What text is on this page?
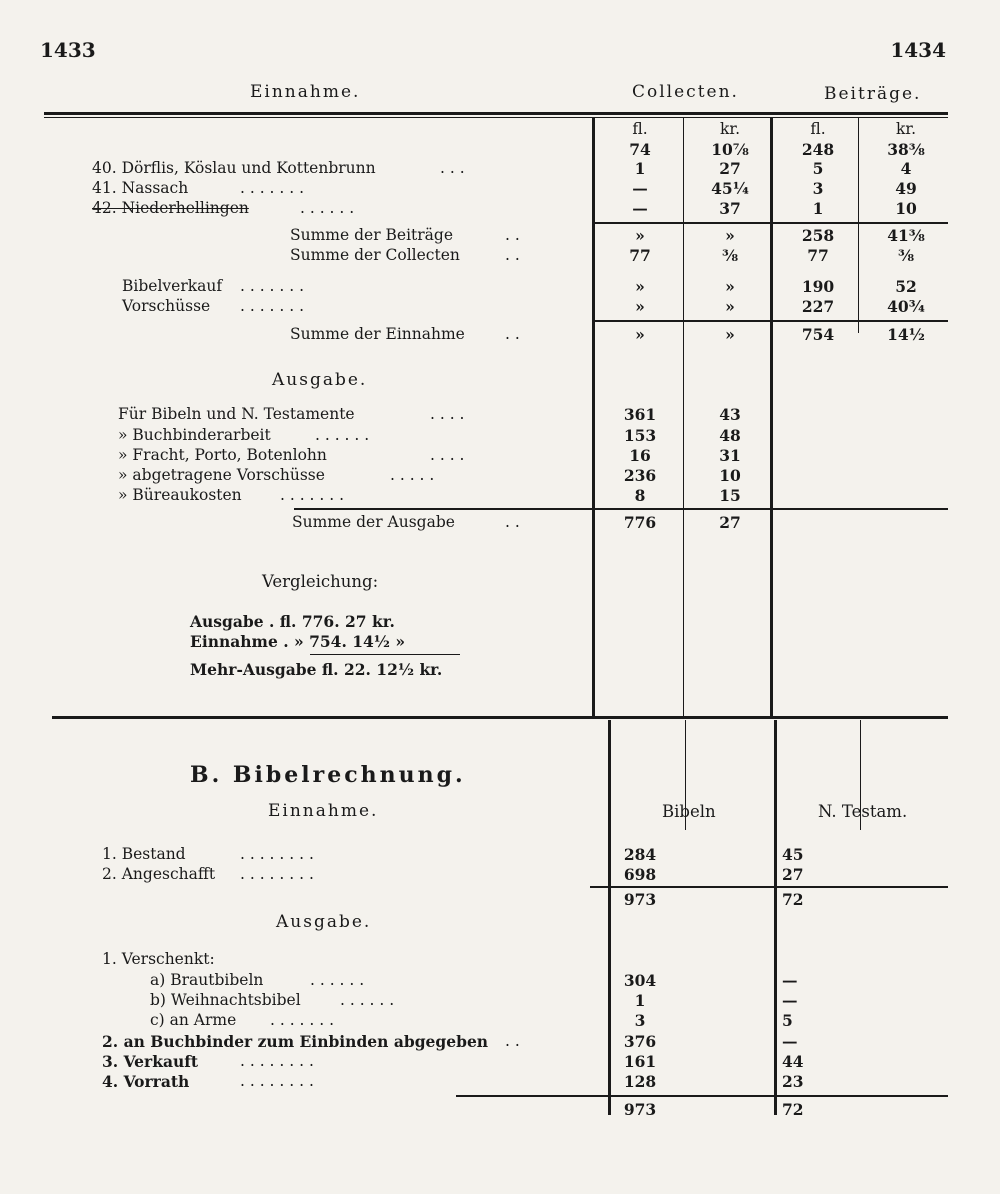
1433	1434
Einnahme.	Collecten.	Beiträge.
fl.	kr.	fl.	kr.
74	10⅞	248	38⅜
40. Dörflis, Köslau und Kottenbrunn	. . .	1	27	5	4
41. Nassach	. . . . . . .	—	45¼	3	49
42. Niederhellingen	. . . . . .	—	37	1	10
Summe der Beiträge	. .	»	»	258	41⅜
Summe der Collecten	. .	77	⅜	77	⅜
Bibelverkauf . . . . . . .	»	»	190	52
Vorschüsse . . . . . . .	»	»	227	40¾
Summe der Einnahme	. .	»	»	754	14½
Ausgabe.
Für Bibeln und N. Testamente	. . . .	361	43
» Buchbinderarbeit	. . . . . .	153	48
» Fracht, Porto, Botenlohn	. . . .	16	31
» abgetragene Vorschüsse	. . . . .	236	10
» Büreaukosten . . . . . . .	8	15
Summe der Ausgabe	. .	776	27
Vergleichung:
Ausgabe . fl. 776. 27 kr.
Einnahme . » 754. 14½ »
Mehr-Ausgabe fl. 22. 12½ kr.
B. Bibelrechnung.
Einnahme.	Bibeln	N. Testam.
1. Bestand	. . . . . . . .	284	45
2. Angeschafft . . . . . . . .	698	27
973	72
Ausgabe.
1. Verschenkt:
a) Brautbibeln	. . . . . .	304	—
b) Weihnachtsbibel	. . . . . .	1	—
c) an Arme . . . . . . .	3	5
2. an Buchbinder zum Einbinden abgegeben . .	376	—
3. Verkauft	. . . . . . . .	161	44
4. Vorrath	. . . . . . . .	128	23
973	72
